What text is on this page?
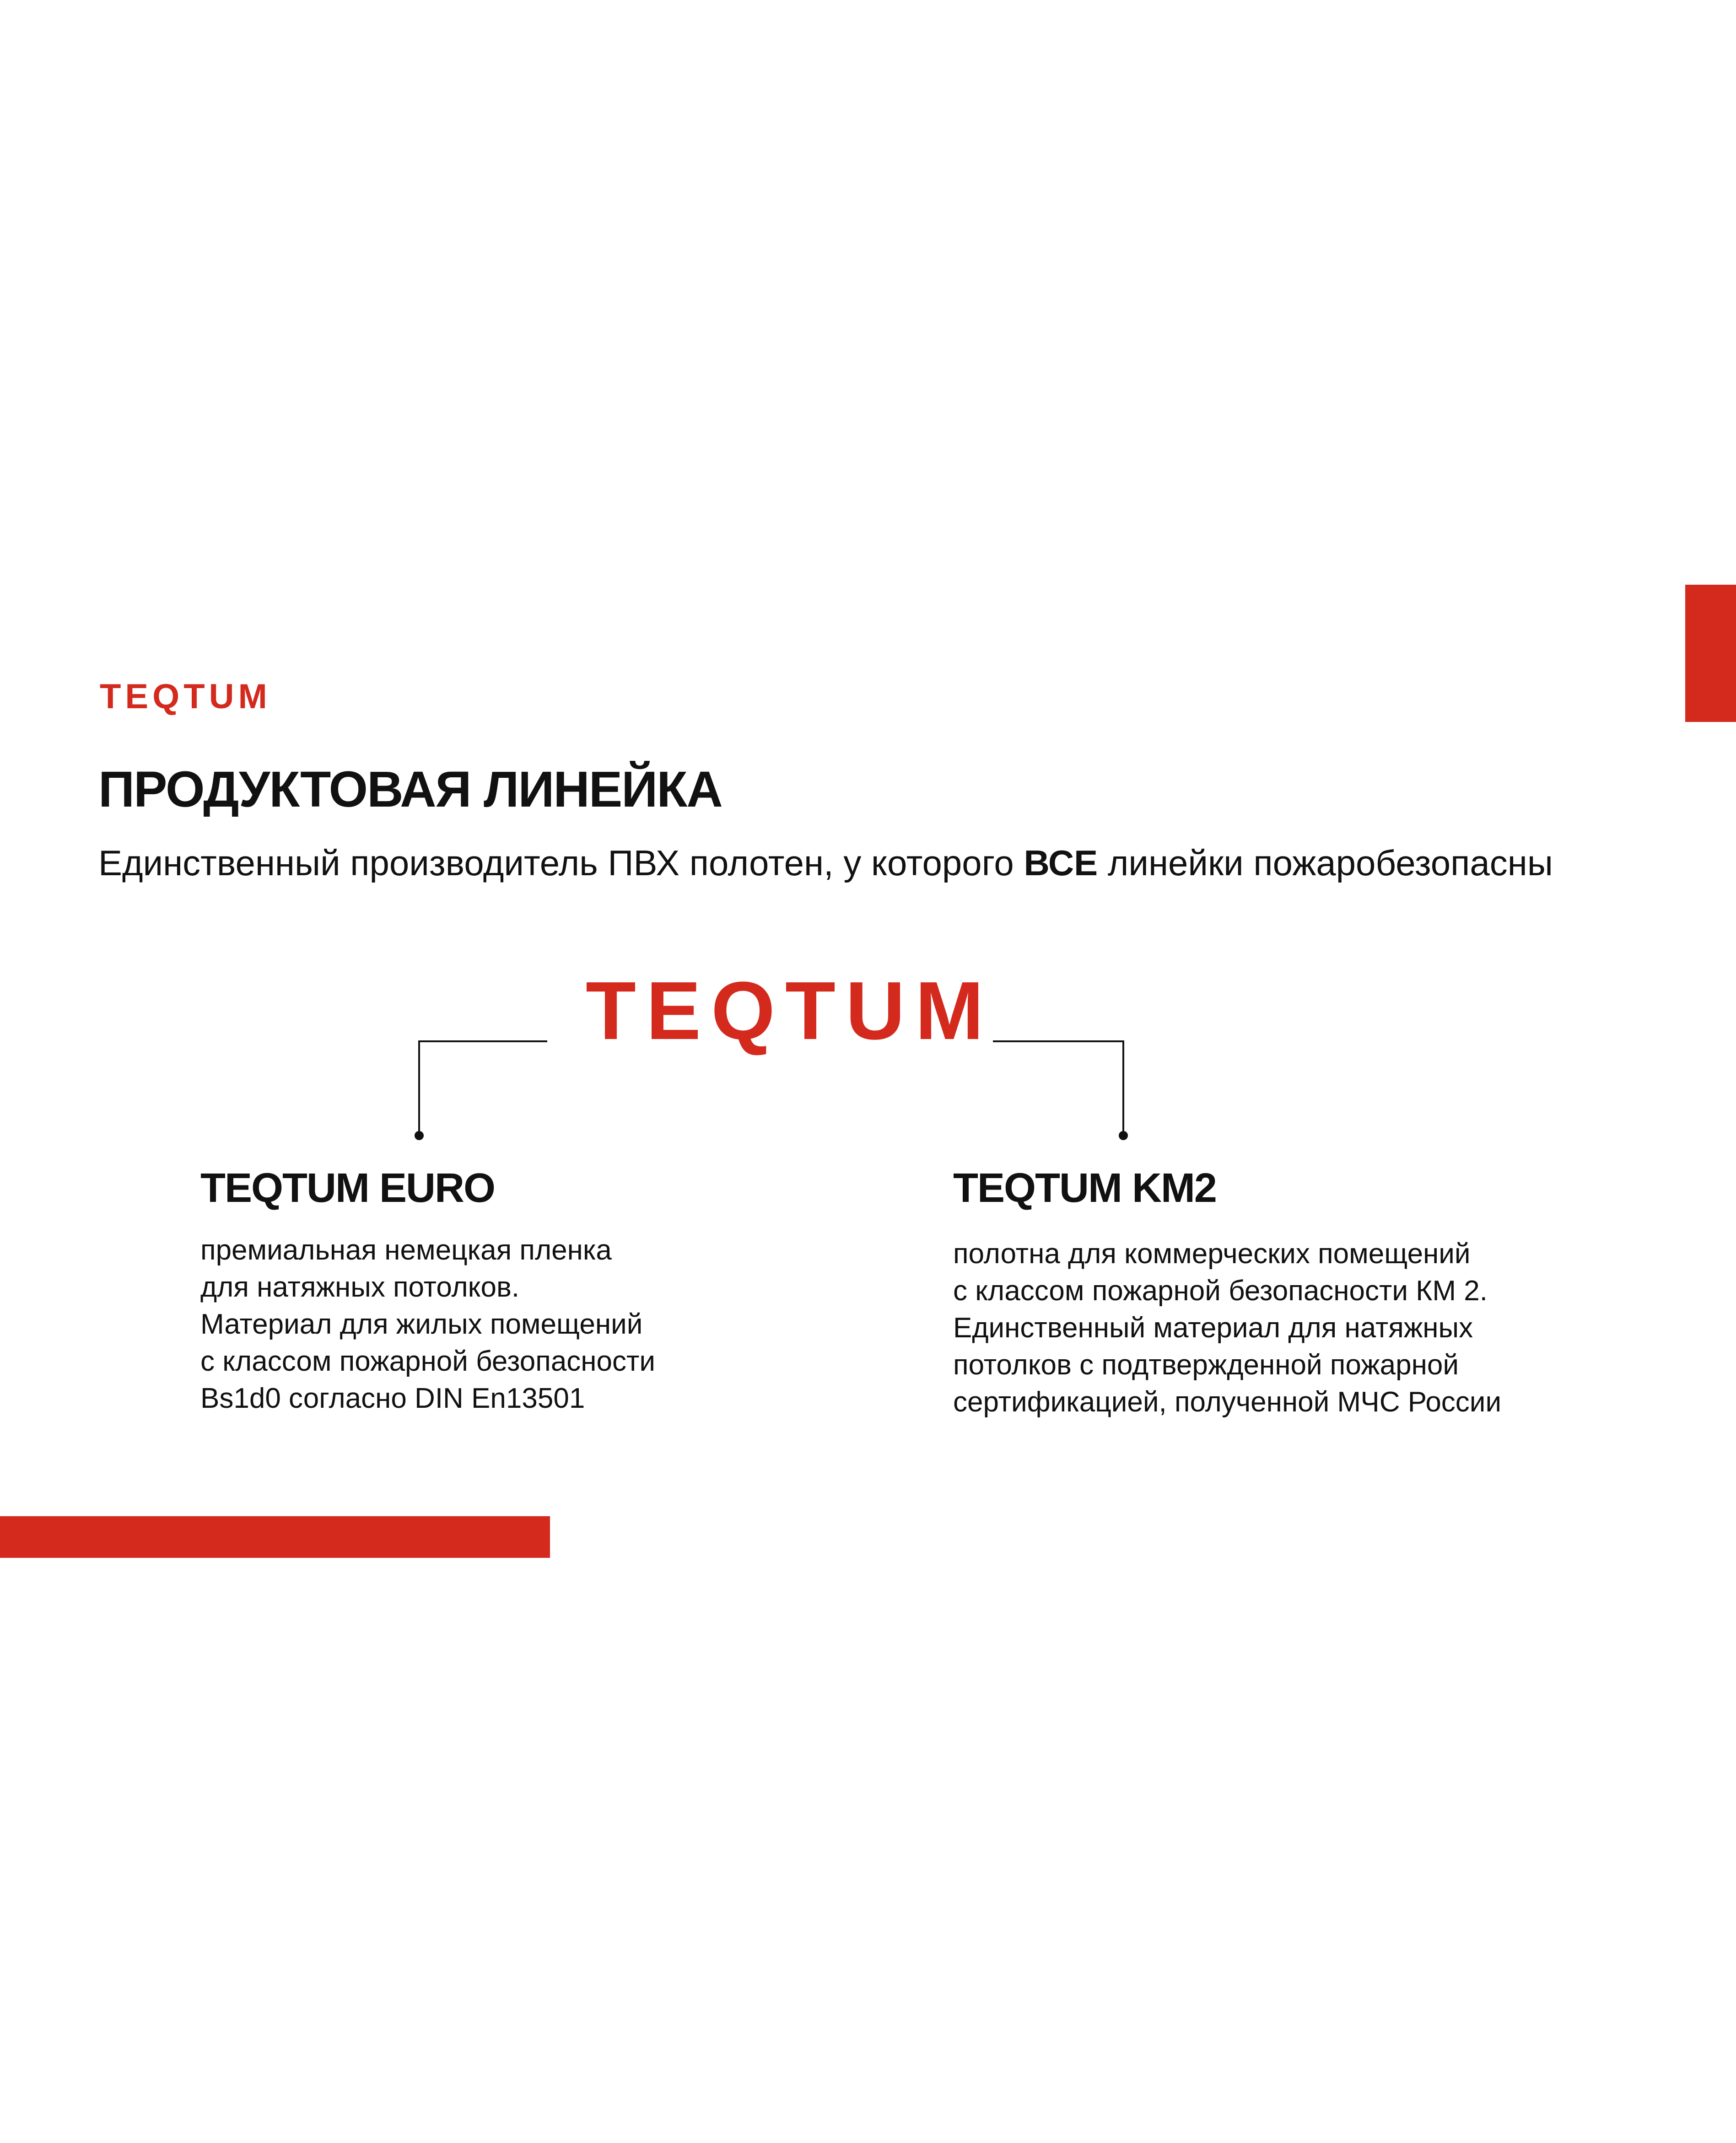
TEQTUM
ПРОДУКТОВАЯ ЛИНЕЙКА
Единственный производитель ПВХ полотен, у которого ВСЕ линейки пожаробезопасны
TEQTUM
TEQTUM EURO
премиальная немецкая пленка
для натяжных потолков.
Материал для жилых помещений
с классом пожарной безопасности
Bs1d0 согласно DIN En13501
TEQTUM KM2
полотна для коммерческих помещений
с классом пожарной безопасности КМ 2.
Единственный материал для натяжных
потолков с подтвержденной пожарной
сертификацией, полученной МЧС России
